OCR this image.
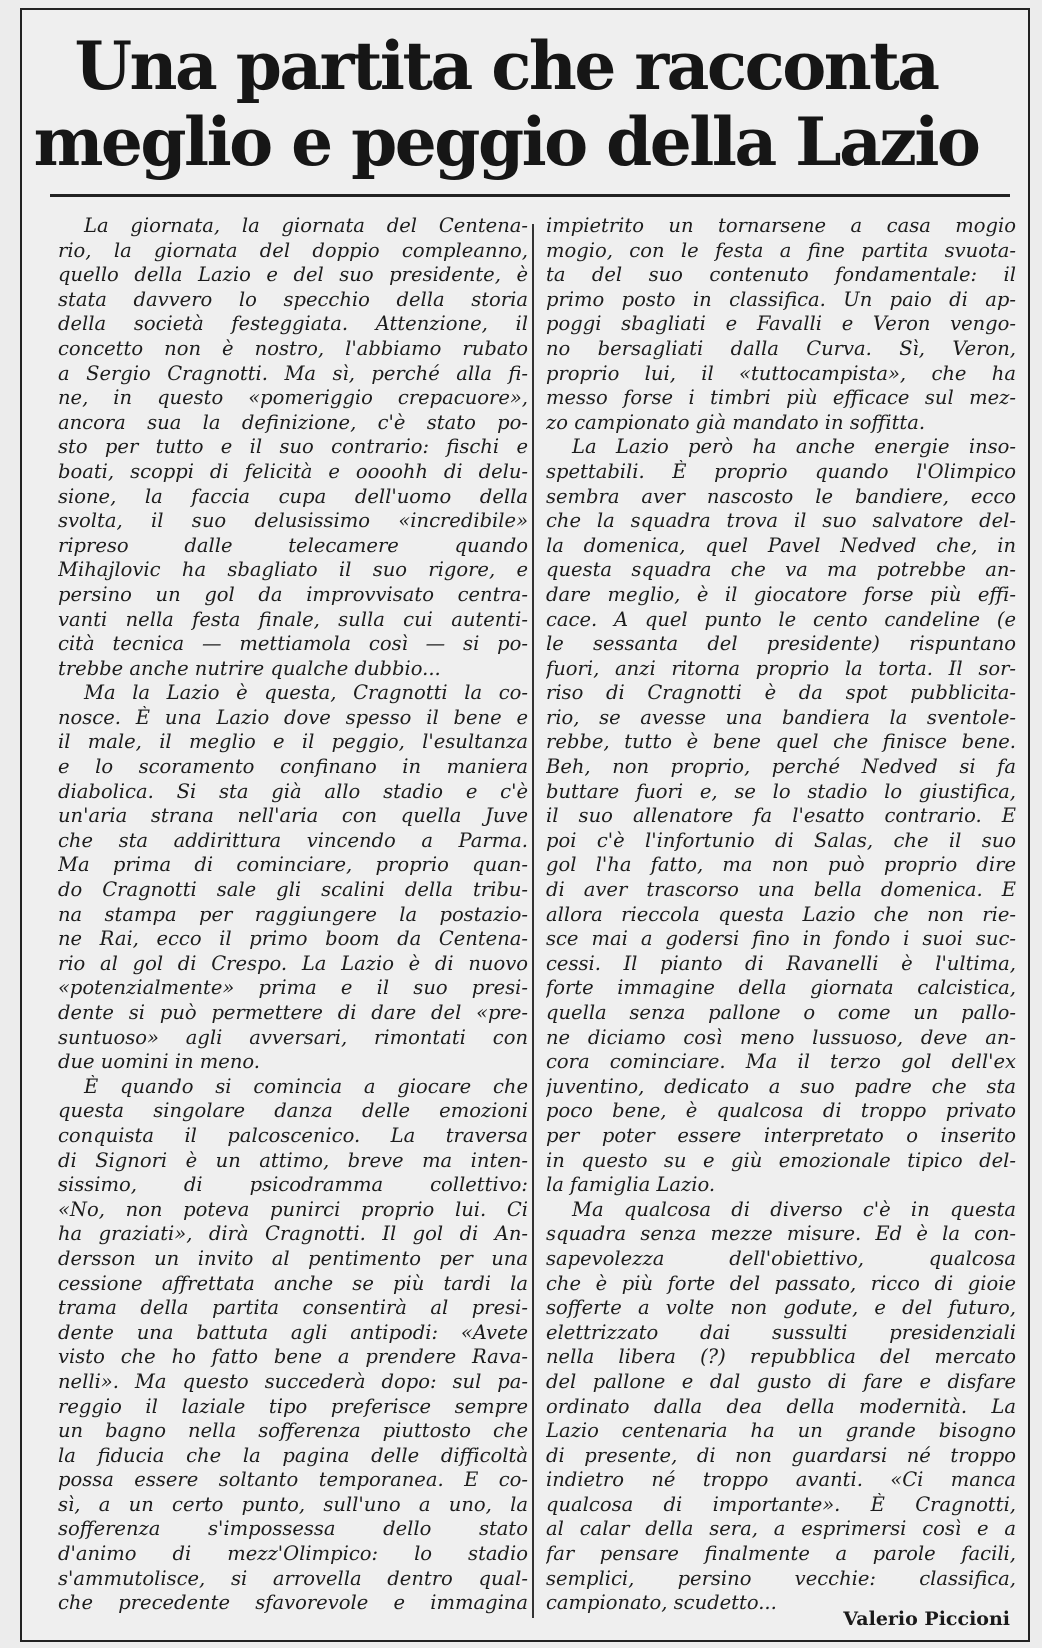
Una partita che racconta
meglio e peggio della Lazio
La giornata, la giornata del Centena-
rio, la giornata del doppio compleanno,
quello della Lazio e del suo presidente, è
stata davvero lo specchio della storia
della società festeggiata. Attenzione, il
concetto non è nostro, l'abbiamo rubato
a Sergio Cragnotti. Ma sì, perché alla fi-
ne, in questo «pomeriggio crepacuore»,
ancora sua la definizione, c'è stato po-
sto per tutto e il suo contrario: fischi e
boati, scoppi di felicità e oooohh di delu-
sione, la faccia cupa dell'uomo della
svolta, il suo delusissimo «incredibile»
ripreso dalle telecamere quando
Mihajlovic ha sbagliato il suo rigore, e
persino un gol da improvvisato centra-
vanti nella festa finale, sulla cui autenti-
cità tecnica — mettiamola così — si po-
trebbe anche nutrire qualche dubbio...
Ma la Lazio è questa, Cragnotti la co-
nosce. È una Lazio dove spesso il bene e
il male, il meglio e il peggio, l'esultanza
e lo scoramento confinano in maniera
diabolica. Si sta già allo stadio e c'è
un'aria strana nell'aria con quella Juve
che sta addirittura vincendo a Parma.
Ma prima di cominciare, proprio quan-
do Cragnotti sale gli scalini della tribu-
na stampa per raggiungere la postazio-
ne Rai, ecco il primo boom da Centena-
rio al gol di Crespo. La Lazio è di nuovo
«potenzialmente» prima e il suo presi-
dente si può permettere di dare del «pre-
suntuoso» agli avversari, rimontati con
due uomini in meno.
È quando si comincia a giocare che
questa singolare danza delle emozioni
conquista il palcoscenico. La traversa
di Signori è un attimo, breve ma inten-
sissimo, di psicodramma collettivo:
«No, non poteva punirci proprio lui. Ci
ha graziati», dirà Cragnotti. Il gol di An-
dersson un invito al pentimento per una
cessione affrettata anche se più tardi la
trama della partita consentirà al presi-
dente una battuta agli antipodi: «Avete
visto che ho fatto bene a prendere Rava-
nelli». Ma questo succederà dopo: sul pa-
reggio il laziale tipo preferisce sempre
un bagno nella sofferenza piuttosto che
la fiducia che la pagina delle difficoltà
possa essere soltanto temporanea. E co-
sì, a un certo punto, sull'uno a uno, la
sofferenza s'impossessa dello stato
d'animo di mezz'Olimpico: lo stadio
s'ammutolisce, si arrovella dentro qual-
che precedente sfavorevole e immagina
impietrito un tornarsene a casa mogio
mogio, con le festa a fine partita svuota-
ta del suo contenuto fondamentale: il
primo posto in classifica. Un paio di ap-
poggi sbagliati e Favalli e Veron vengo-
no bersagliati dalla Curva. Sì, Veron,
proprio lui, il «tuttocampista», che ha
messo forse i timbri più efficace sul mez-
zo campionato già mandato in soffitta.
La Lazio però ha anche energie inso-
spettabili. È proprio quando l'Olimpico
sembra aver nascosto le bandiere, ecco
che la squadra trova il suo salvatore del-
la domenica, quel Pavel Nedved che, in
questa squadra che va ma potrebbe an-
dare meglio, è il giocatore forse più effi-
cace. A quel punto le cento candeline (e
le sessanta del presidente) rispuntano
fuori, anzi ritorna proprio la torta. Il sor-
riso di Cragnotti è da spot pubblicita-
rio, se avesse una bandiera la sventole-
rebbe, tutto è bene quel che finisce bene.
Beh, non proprio, perché Nedved si fa
buttare fuori e, se lo stadio lo giustifica,
il suo allenatore fa l'esatto contrario. E
poi c'è l'infortunio di Salas, che il suo
gol l'ha fatto, ma non può proprio dire
di aver trascorso una bella domenica. E
allora rieccola questa Lazio che non rie-
sce mai a godersi fino in fondo i suoi suc-
cessi. Il pianto di Ravanelli è l'ultima,
forte immagine della giornata calcistica,
quella senza pallone o come un pallo-
ne diciamo così meno lussuoso, deve an-
cora cominciare. Ma il terzo gol dell'ex
juventino, dedicato a suo padre che sta
poco bene, è qualcosa di troppo privato
per poter essere interpretato o inserito
in questo su e giù emozionale tipico del-
la famiglia Lazio.
Ma qualcosa di diverso c'è in questa
squadra senza mezze misure. Ed è la con-
sapevolezza dell'obiettivo, qualcosa
che è più forte del passato, ricco di gioie
sofferte a volte non godute, e del futuro,
elettrizzato dai sussulti presidenziali
nella libera (?) repubblica del mercato
del pallone e dal gusto di fare e disfare
ordinato dalla dea della modernità. La
Lazio centenaria ha un grande bisogno
di presente, di non guardarsi né troppo
indietro né troppo avanti. «Ci manca
qualcosa di importante». È Cragnotti,
al calar della sera, a esprimersi così e a
far pensare finalmente a parole facili,
semplici, persino vecchie: classifica,
campionato, scudetto...
Valerio Piccioni
